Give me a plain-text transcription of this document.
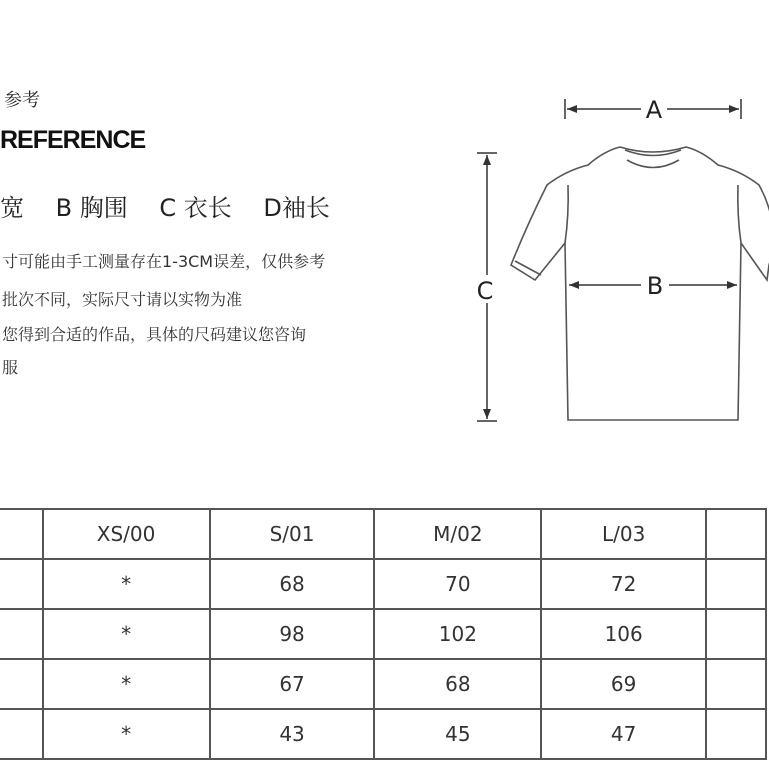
参考
REFERENCE
宽 B 胸围 C 衣长 D袖长
寸可能由手工测量存在1-3CM误差，仅供参考
批次不同，实际尺寸请以实物为准
您得到合适的作品，具体的尺码建议您咨询
服
A
C	B
	XS/00	S/01	M/02	L/03	
	*	68	70	72	
	*	98	102	106	
	*	67	68	69	
	*	43	45	47	
